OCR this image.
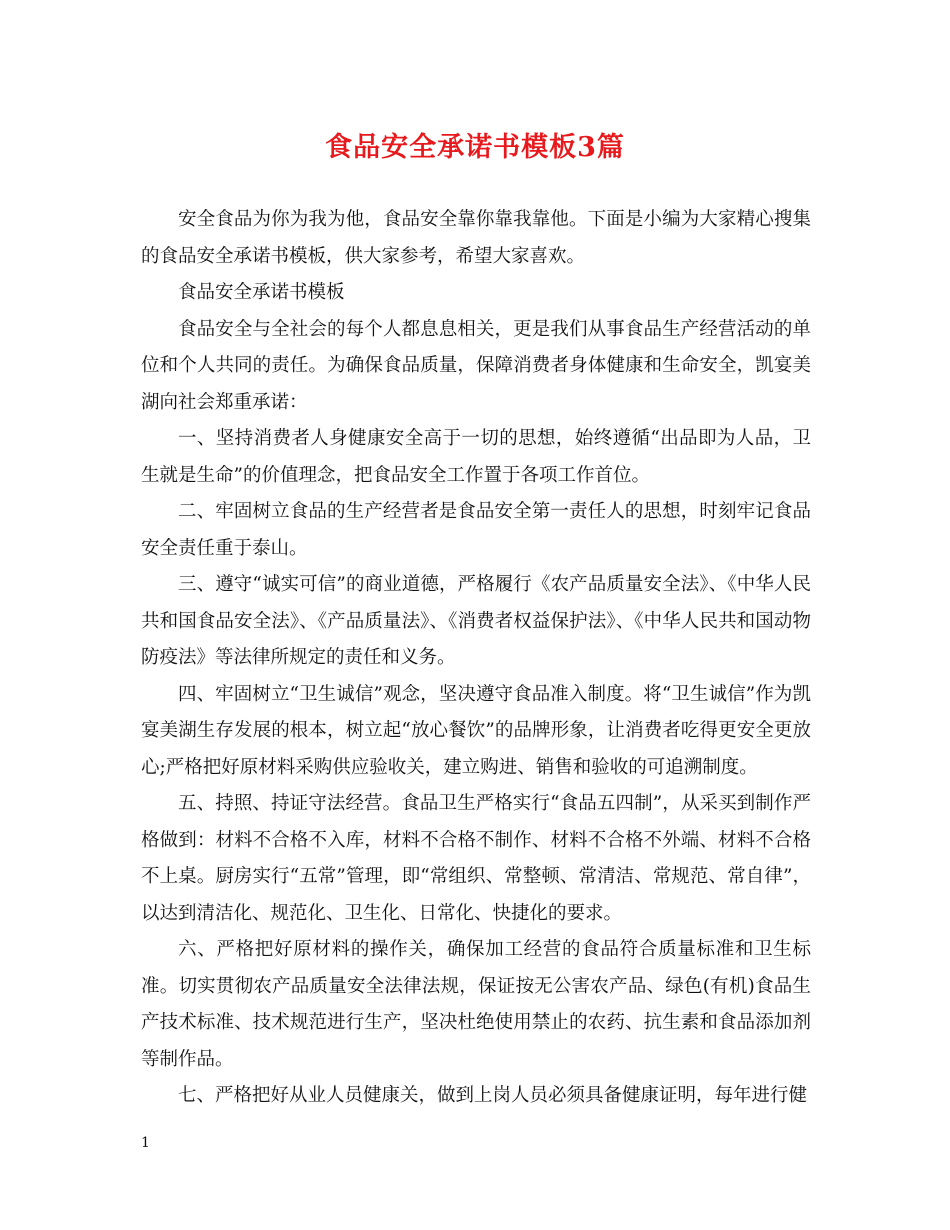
食品安全承诺书模板3篇

安全食品为你为我为他，食品安全靠你靠我靠他。下面是小编为大家精心搜集的食品安全承诺书模板，供大家参考，希望大家喜欢。

食品安全承诺书模板

食品安全与全社会的每个人都息息相关，更是我们从事食品生产经营活动的单位和个人共同的责任。为确保食品质量，保障消费者身体健康和生命安全，凯宴美湖向社会郑重承诺：

一、坚持消费者人身健康安全高于一切的思想，始终遵循“出品即为人品，卫生就是生命”的价值理念，把食品安全工作置于各项工作首位。

二、牢固树立食品的生产经营者是食品安全第一责任人的思想，时刻牢记食品安全责任重于泰山。

三、遵守“诚实可信”的商业道德，严格履行《农产品质量安全法》、《中华人民共和国食品安全法》、《产品质量法》、《消费者权益保护法》、《中华人民共和国动物防疫法》等法律所规定的责任和义务。

四、牢固树立“卫生诚信”观念，坚决遵守食品准入制度。将“卫生诚信”作为凯宴美湖生存发展的根本，树立起“放心餐饮”的品牌形象，让消费者吃得更安全更放心;严格把好原材料采购供应验收关，建立购进、销售和验收的可追溯制度。

五、持照、持证守法经营。食品卫生严格实行“食品五四制”，从采买到制作严格做到：材料不合格不入库，材料不合格不制作、材料不合格不外端、材料不合格不上桌。厨房实行“五常”管理，即“常组织、常整顿、常清洁、常规范、常自律”，以达到清洁化、规范化、卫生化、日常化、快捷化的要求。

六、严格把好原材料的操作关，确保加工经营的食品符合质量标准和卫生标准。切实贯彻农产品质量安全法律法规，保证按无公害农产品、绿色(有机)食品生产技术标准、技术规范进行生产，坚决杜绝使用禁止的农药、抗生素和食品添加剂等制作品。

七、严格把好从业人员健康关，做到上岗人员必须具备健康证明，每年进行健

1
